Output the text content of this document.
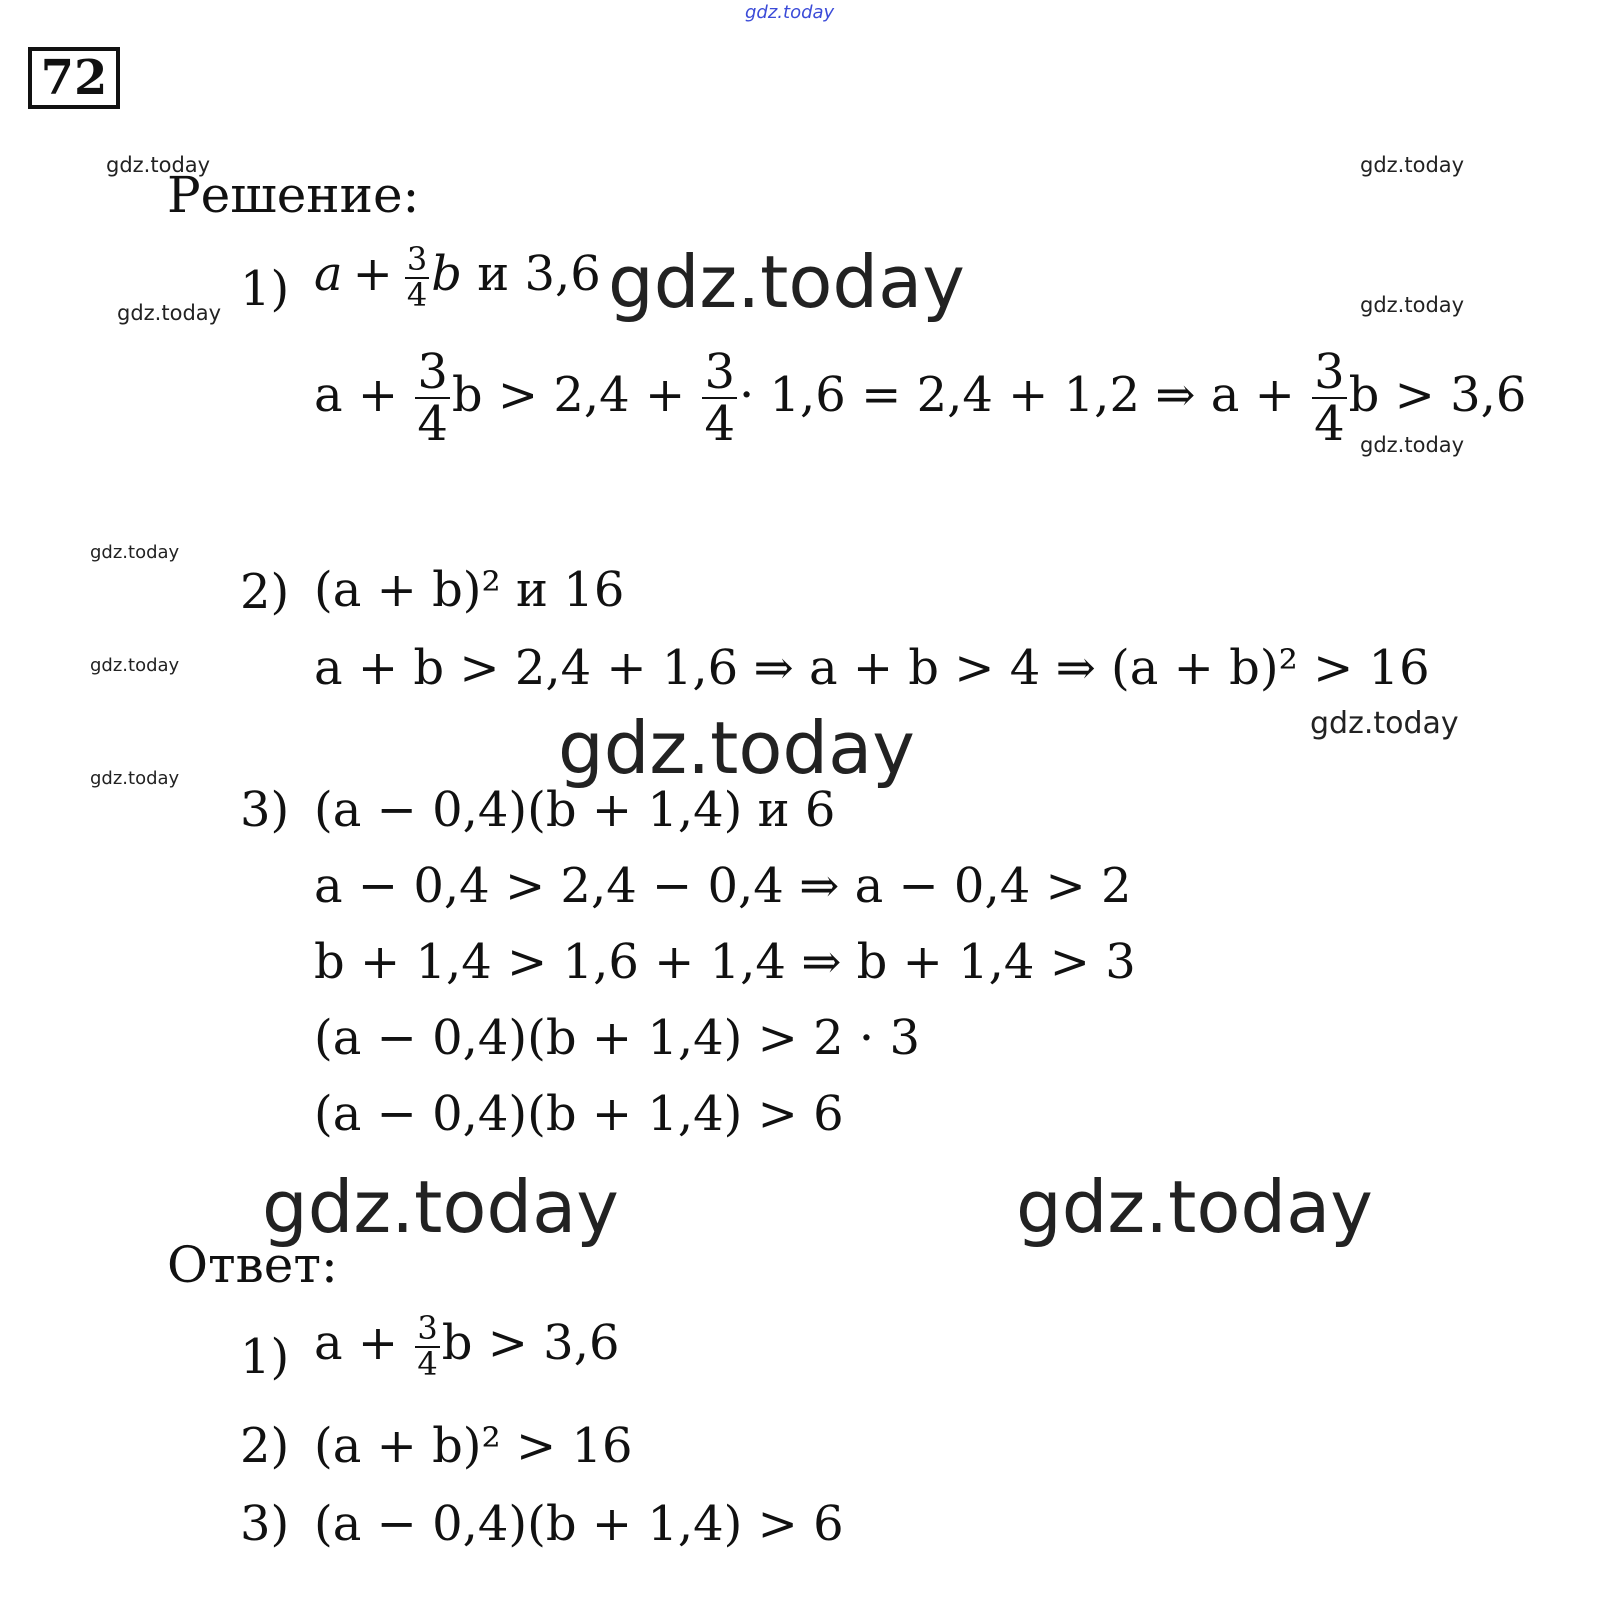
gdz.today
72
gdz.today	gdz.today
gdz.today	gdz.today
gdz.today
gdz.today
gdz.today
gdz.today
gdz.today
gdz.today
gdz.today
gdz.today	gdz.today
Решение:
1) $a + \frac{3}{4}$ b и 3,6
$a + \frac{3}{4}$ $b > 2,4 + \frac{3}{4} \cdot 1,6 = 2,4 + 1,2$ ⇒ $a + \frac{3}{4}$ b > 3,6
2) (a + b)² и 16
a + b > 2,4 + 1,6 ⇒ a + b > 4 ⇒ (a + b)² > 16
3) (a − 0,4)(b + 1,4) и 6
a − 0,4 > 2,4 − 0,4 ⇒ a − 0,4 > 2
b + 1,4 > 1,6 + 1,4 ⇒ b + 1,4 > 3
(a − 0,4)(b + 1,4) > 2 · 3
(a − 0,4)(b + 1,4) > 6
Ответ:
1) $a + \frac{3}{4}$ b > 3,6
2) (a + b)² > 16
3) (a − 0,4)(b + 1,4) > 6
